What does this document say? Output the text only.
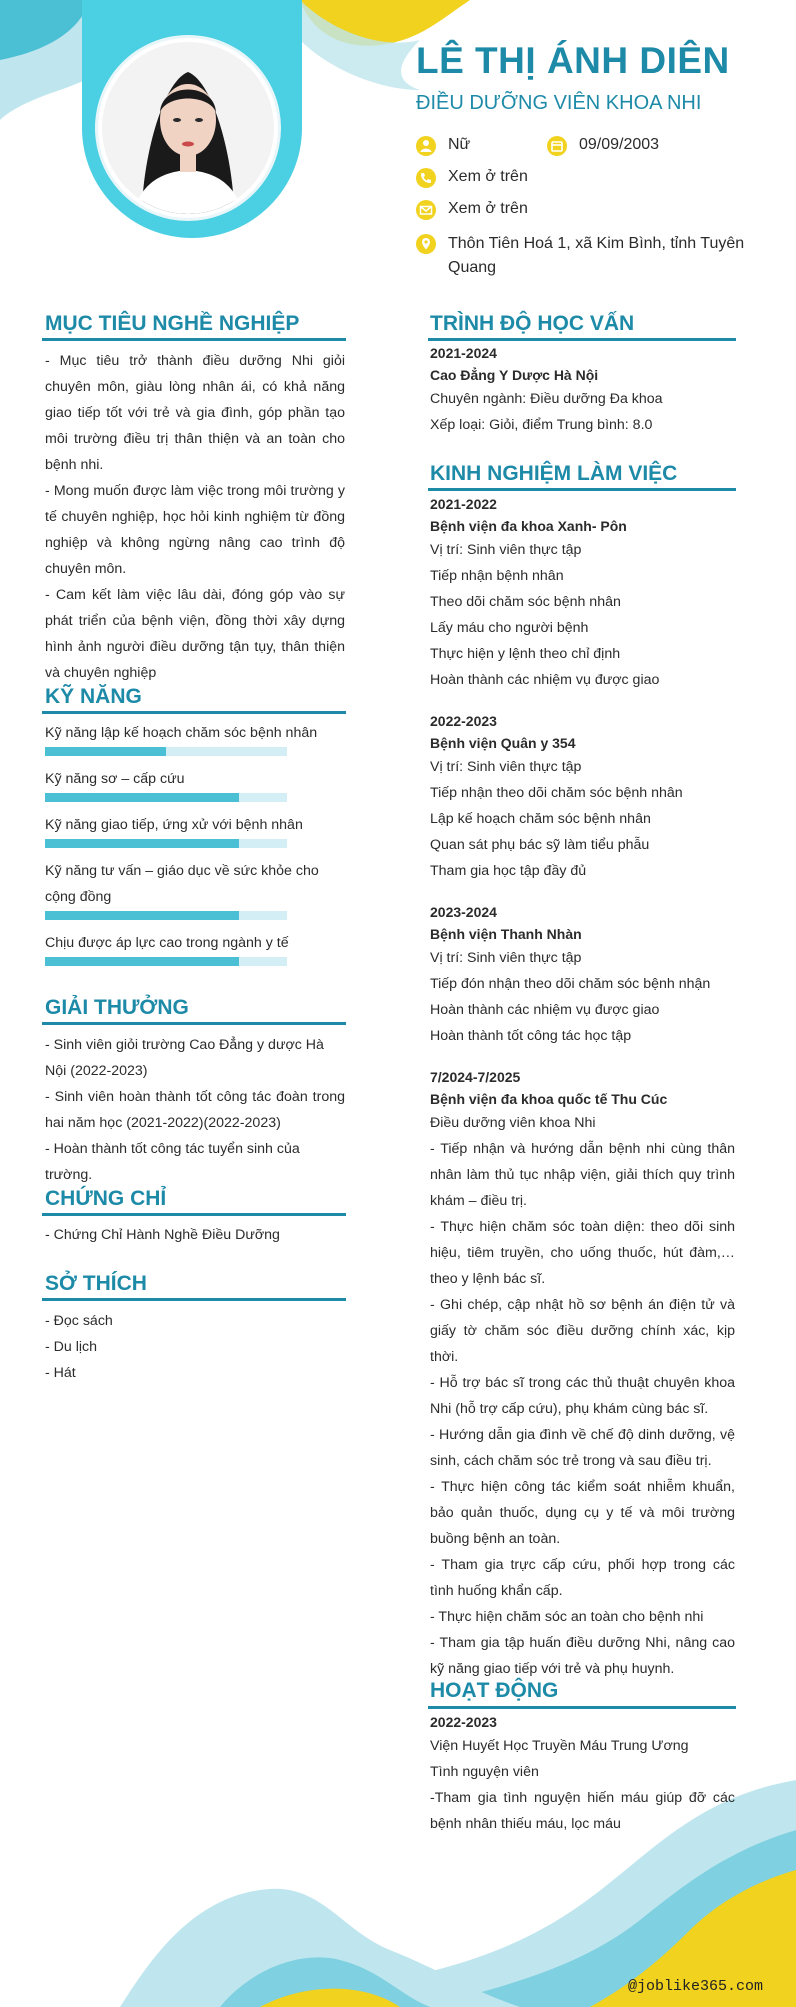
LÊ THỊ ÁNH DIÊN
ĐIỀU DƯỠNG VIÊN KHOA NHI
Nữ	09/09/2003
Xem ở trên
Xem ở trên
Thôn Tiên Hoá 1, xã Kim Bình, tỉnh Tuyên Quang
MỤC TIÊU NGHỀ NGHIỆP

- Mục tiêu trở thành điều dưỡng Nhi giỏi chuyên môn, giàu lòng nhân ái, có khả năng giao tiếp tốt với trẻ và gia đình, góp phần tạo môi trường điều trị thân thiện và an toàn cho bệnh nhi.

- Mong muốn được làm việc trong môi trường y tế chuyên nghiệp, học hỏi kinh nghiệm từ đồng nghiệp và không ngừng nâng cao trình độ chuyên môn.

- Cam kết làm việc lâu dài, đóng góp vào sự phát triển của bệnh viện, đồng thời xây dựng hình ảnh người điều dưỡng tận tụy, thân thiện và chuyên nghiệp

KỸ NĂNG
Kỹ năng lập kế hoạch chăm sóc bệnh nhân
Kỹ năng sơ – cấp cứu
Kỹ năng giao tiếp, ứng xử với bệnh nhân
Kỹ năng tư vấn – giáo dục về sức khỏe cho cộng đồng
Chịu được áp lực cao trong ngành y tế
GIẢI THƯỞNG

- Sinh viên giỏi trường Cao Đẳng y dược Hà Nội (2022-2023)

- Sinh viên hoàn thành tốt công tác đoàn trong hai năm học (2021-2022)(2022-2023)

- Hoàn thành tốt công tác tuyển sinh của trường.

CHỨNG CHỈ

- Chứng Chỉ Hành Nghề Điều Dưỡng

SỞ THÍCH

- Đọc sách

- Du lịch

- Hát

TRÌNH ĐỘ HỌC VẤN
2021-2024
Cao Đẳng Y Dược Hà Nội

Chuyên ngành: Điều dưỡng Đa khoa

Xếp loại: Giỏi, điểm Trung bình: 8.0

KINH NGHIỆM LÀM VIỆC
2021-2022
Bệnh viện đa khoa Xanh- Pôn

Vị trí: Sinh viên thực tập

Tiếp nhận bệnh nhân

Theo dõi chăm sóc bệnh nhân

Lấy máu cho người bệnh

Thực hiện y lệnh theo chỉ định

Hoàn thành các nhiệm vụ được giao

2022-2023
Bệnh viện Quân y 354

Vị trí: Sinh viên thực tập

Tiếp nhận theo dõi chăm sóc bệnh nhân

Lập kế hoạch chăm sóc bệnh nhân

Quan sát phụ bác sỹ làm tiểu phẫu

Tham gia học tập đầy đủ

2023-2024
Bệnh viện Thanh Nhàn

Vị trí: Sinh viên thực tập

Tiếp đón nhận theo dõi chăm sóc bệnh nhận

Hoàn thành các nhiệm vụ được giao

Hoàn thành tốt công tác học tập

7/2024-7/2025
Bệnh viện đa khoa quốc tế Thu Cúc

Điều dưỡng viên khoa Nhi

- Tiếp nhận và hướng dẫn bệnh nhi cùng thân nhân làm thủ tục nhập viện, giải thích quy trình khám – điều trị.

- Thực hiện chăm sóc toàn diện: theo dõi sinh hiệu, tiêm truyền, cho uống thuốc, hút đàm,… theo y lệnh bác sĩ.

- Ghi chép, cập nhật hồ sơ bệnh án điện tử và giấy tờ chăm sóc điều dưỡng chính xác, kịp thời.

- Hỗ trợ bác sĩ trong các thủ thuật chuyên khoa Nhi (hỗ trợ cấp cứu), phụ khám cùng bác sĩ.

- Hướng dẫn gia đình về chế độ dinh dưỡng, vệ sinh, cách chăm sóc trẻ trong và sau điều trị.

- Thực hiện công tác kiểm soát nhiễm khuẩn, bảo quản thuốc, dụng cụ y tế và môi trường buồng bệnh an toàn.

- Tham gia trực cấp cứu, phối hợp trong các tình huống khẩn cấp.

- Thực hiện chăm sóc an toàn cho bệnh nhi

- Tham gia tập huấn điều dưỡng Nhi, nâng cao kỹ năng giao tiếp với trẻ và phụ huynh.

HOẠT ĐỘNG
2022-2023

Viện Huyết Học Truyền Máu Trung Ương

Tình nguyện viên

-Tham gia tình nguyện hiến máu giúp đỡ các bệnh nhân thiếu máu, lọc máu

@joblike365.com
